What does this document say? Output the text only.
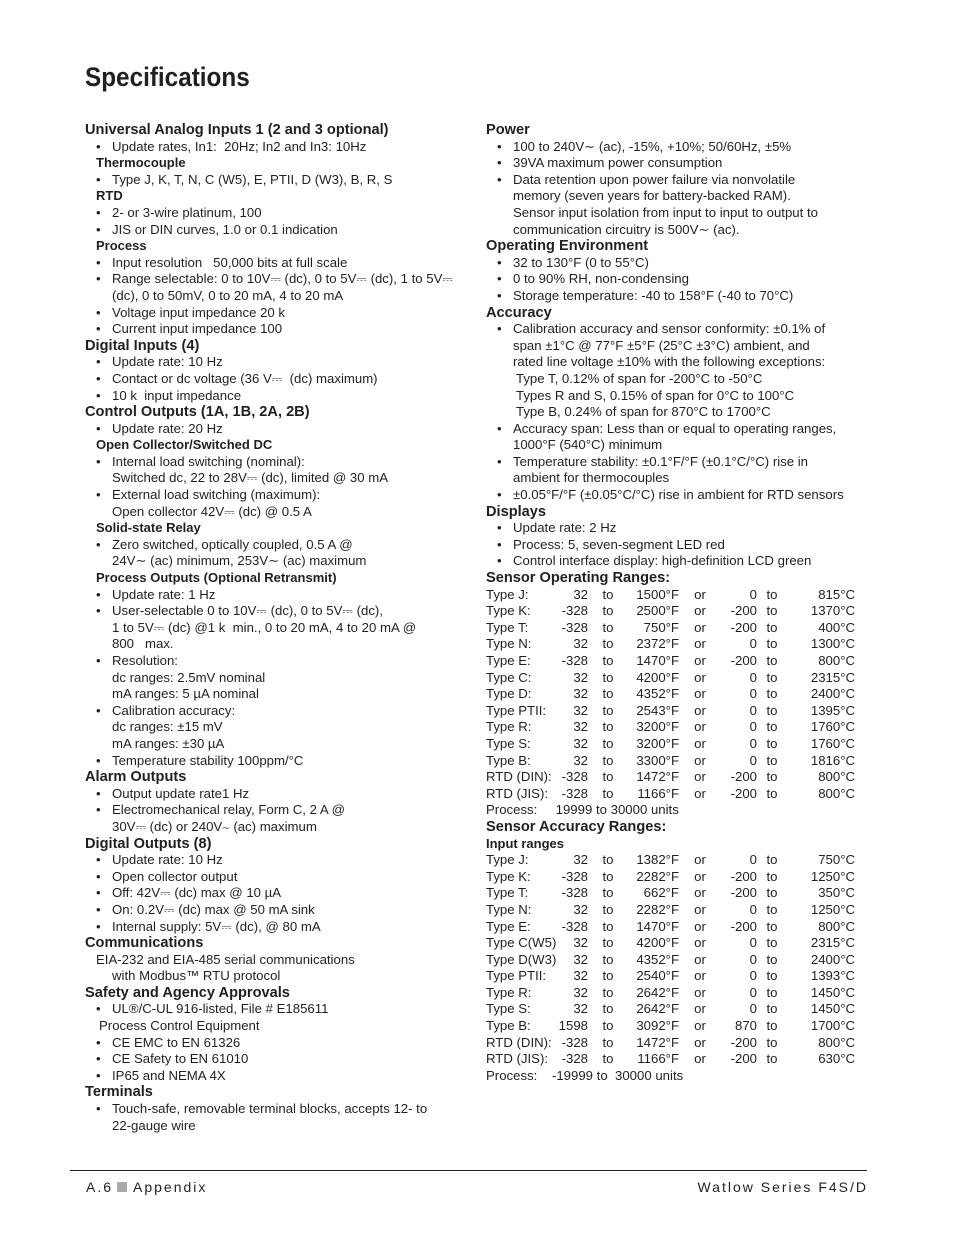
Specifications
Universal Analog Inputs 1 (2 and 3 optional)
• Update rates, In1:  20Hz; In2 and In3: 10Hz
Thermocouple
• Type J, K, T, N, C (W5), E, PTII, D (W3), B, R, S
RTD
• 2- or 3-wire platinum, 100
• JIS or DIN curves, 1.0 or 0.1 indication
Process
• Input resolution   50,000 bits at full scale
• Range selectable: 0 to 10V⎓ (dc), 0 to 5V⎓ (dc), 1 to 5V⎓ (dc), 0 to 50mV, 0 to 20 mA, 4 to 20 mA
• Voltage input impedance 20 k
• Current input impedance 100
Digital Inputs (4)
• Update rate: 10 Hz
• Contact or dc voltage (36 V⎓  (dc) maximum)
• 10 k  input impedance
Control Outputs (1A, 1B, 2A, 2B)
• Update rate: 20 Hz
Open Collector/Switched DC
• Internal load switching (nominal):
Switched dc, 22 to 28V⎓ (dc), limited @ 30 mA
• External load switching (maximum):
Open collector 42V⎓ (dc) @ 0.5 A
Solid-state Relay
• Zero switched, optically coupled, 0.5 A @
24V∼ (ac) minimum, 253V∼ (ac) maximum
Process Outputs (Optional Retransmit)
• Update rate: 1 Hz
• User-selectable 0 to 10V⎓ (dc), 0 to 5V⎓ (dc),
1 to 5V⎓ (dc) @1 k  min., 0 to 20 mA, 4 to 20 mA @
800   max.
• Resolution:
dc ranges: 2.5mV nominal
mA ranges: 5 µA nominal
• Calibration accuracy:
dc ranges: ±15 mV
mA ranges: ±30 µA
• Temperature stability 100ppm/°C
Alarm Outputs
• Output update rate1 Hz
• Electromechanical relay, Form C, 2 A @
30V⎓ (dc) or 240V∼ (ac) maximum
Digital Outputs (8)
• Update rate: 10 Hz
• Open collector output
• Off: 42V⎓ (dc) max @ 10 µA
• On: 0.2V⎓ (dc) max @ 50 mA sink
• Internal supply: 5V⎓ (dc), @ 80 mA
Communications
EIA-232 and EIA-485 serial communications
with Modbus™ RTU protocol
Safety and Agency Approvals
• UL®/C-UL 916-listed, File # E185611
Process Control Equipment
• CE EMC to EN 61326
• CE Safety to EN 61010
• IP65 and NEMA 4X
Terminals
• Touch-safe, removable terminal blocks, accepts 12- to
22-gauge wire
Power
• 100 to 240V∼ (ac), -15%, +10%; 50/60Hz, ±5%
• 39VA maximum power consumption
• Data retention upon power failure via nonvolatile
memory (seven years for battery-backed RAM).
Sensor input isolation from input to input to output to
communication circuitry is 500V∼ (ac).
Operating Environment
• 32 to 130°F (0 to 55°C)
• 0 to 90% RH, non-condensing
• Storage temperature: -40 to 158°F (-40 to 70°C)
Accuracy
• Calibration accuracy and sensor conformity: ±0.1% of
span ±1°C @ 77°F ±5°F (25°C ±3°C) ambient, and
rated line voltage ±10% with the following exceptions:
Type T, 0.12% of span for -200°C to -50°C
Types R and S, 0.15% of span for 0°C to 100°C
Type B, 0.24% of span for 870°C to 1700°C
• Accuracy span: Less than or equal to operating ranges,
1000°F (540°C) minimum
• Temperature stability: ±0.1°F/°F (±0.1°C/°C) rise in
ambient for thermocouples
• ±0.05°F/°F (±0.05°C/°C) rise in ambient for RTD sensors
Displays
• Update rate: 2 Hz
• Process: 5, seven-segment LED red
• Control interface display: high-definition LCD green
Sensor Operating Ranges:
Type J:	32	to	1500°F	or	0 to	815°C
Type K:	-328	to	2500°F	or	-200 to	1370°C
Type T:	-328	to	750°F	or	-200 to	400°C
Type N:	32	to	2372°F	or	0 to	1300°C
Type E:	-328	to	1470°F	or	-200 to	800°C
Type C:	32	to	4200°F	or	0 to	2315°C
Type D:	32	to	4352°F	or	0 to	2400°C
Type PTII:	32	to	2543°F	or	0 to	1395°C
Type R:	32	to	3200°F	or	0 to	1760°C
Type S:	32	to	3200°F	or	0 to	1760°C
Type B:	32	to	3300°F	or	0 to	1816°C
RTD (DIN): -328	to	1472°F	or	-200 to	800°C
RTD (JIS):	-328	to	1166°F	or	-200 to	800°C
Process:     19999 to 30000 units
Sensor Accuracy Ranges:
Input ranges
Type J:	32	to	1382°F	or	0 to	750°C
Type K:	-328	to	2282°F	or	-200 to	1250°C
Type T:	-328	to	662°F	or	-200 to	350°C
Type N:	32	to	2282°F	or	0 to	1250°C
Type E:	-328	to	1470°F	or	-200 to	800°C
Type C(W5)	32	to	4200°F	or	0 to	2315°C
Type D(W3)	32	to	4352°F	or	0 to	2400°C
Type PTII:	32	to	2540°F	or	0 to	1393°C
Type R:	32	to	2642°F	or	0 to	1450°C
Type S:	32	to	2642°F	or	0 to	1450°C
Type B:	1598	to	3092°F	or	870 to	1700°C
RTD (DIN): -328	to	1472°F	or	-200 to	800°C
RTD (JIS):	-328	to	1166°F	or	-200 to	630°C
Process:    -19999 to  30000 units
A.6 Appendix	Watlow Series F4S/D
